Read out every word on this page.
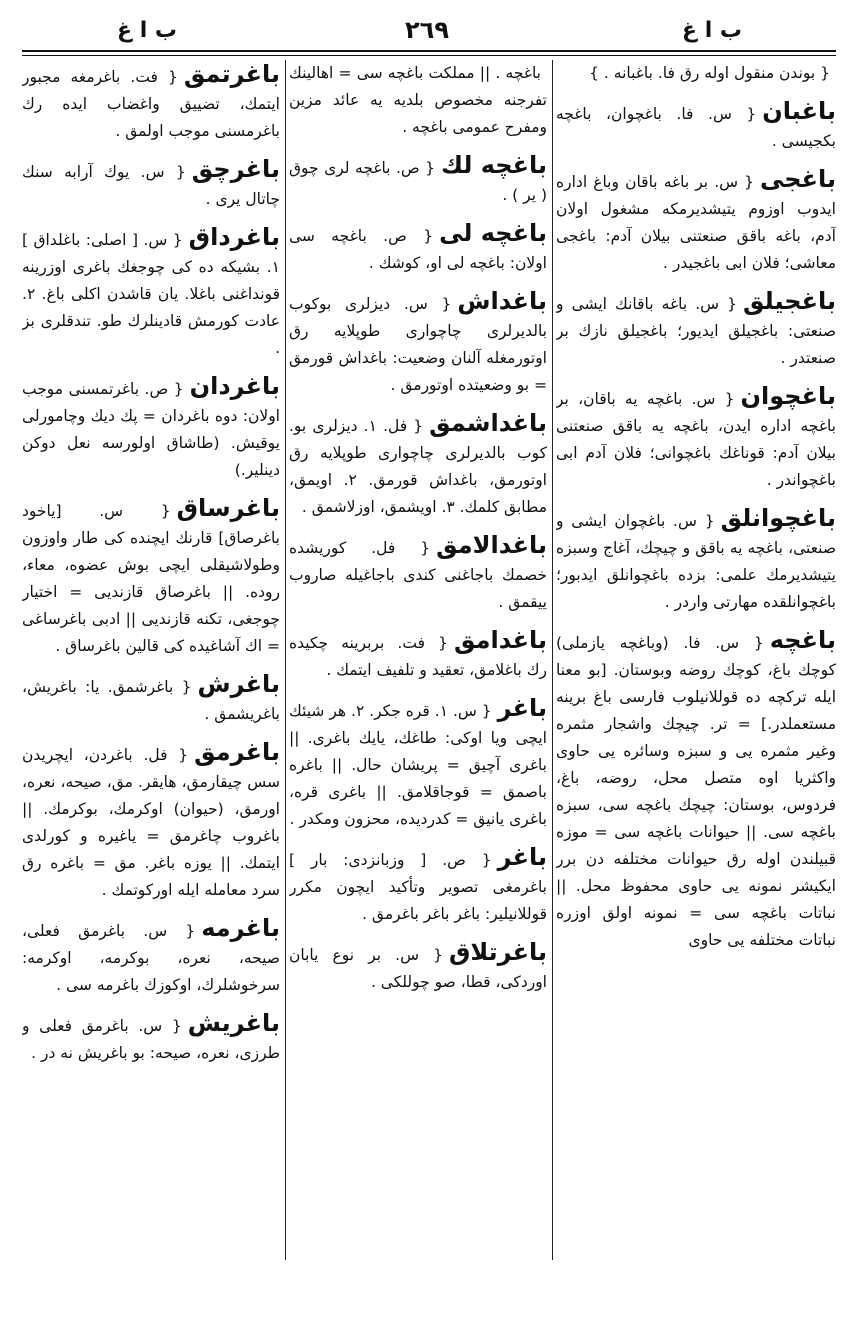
ب ا غ
٢٦٩
ب ا غ
{ بوندن منقول اوله رق فا. باغبانه . }
باغبان{ س. فا. باغچوان، باغچه بكجيسى .
باغجى{ س. بر باغه باقان وباغ اداره ايدوب اوزوم يتيشديرمكه مشغول اولان آدم، باغه باقق صنعتنى بيلان آدم: باغجى معاشى؛ فلان ابى باغجيدر .
باغجيلق{ س. باغه باقانك ايشى و صنعتى: باغجيلق ايديور؛ باغجيلق نازك بر صنعتدر .
باغچوان{ س. باغچه يه باقان، بر باغچه اداره ايدن، باغچه يه باقق صنعتنى بيلان آدم: قوناغك باغچوانى؛ فلان آدم ابى باغچواندر .
باغچوانلق{ س. باغچوان ايشى و صنعتى، باغچه يه باقق و چيچك، آغاج وسبزه يتيشديرمك علمى: بزده باغچوانلق ايدبور؛ باغچوانلقده مهارتى واردر .
باغچه{ س. فا. (وباغچه يازملى) كوچك باغ، كوچك روضه وبوستان. [بو معنا ايله تركچه ده قوللانيلوب فارسى باغ برينه مستعملدر.] = تر. چيچك واشجار مثمره وغير مثمره يى و سبزه وسائره يى حاوى واكثريا اوه متصل محل، روضه، باغ، فردوس، بوستان: چيچك باغچه سى، سبزه باغچه سى. || حيوانات باغچه سى = موزه قبيلندن اوله رق حيوانات مختلفه دن برر ايكيشر نمونه يى حاوى محفوظ محل. || نباتات باغچه سى = نمونه اولق اوزره نباتات مختلفه يى حاوى
باغچه . || مملكت باغچه سى = اهالينك تفرجنه مخصوص بلديه يه عائد مزين ومفرح عمومى باغچه .
باغچه لك{ ص. باغچه لرى چوق ( ير ) .
باغچه لى{ ص. باغچه سى اولان: باغچه لى او، كوشك .
باغداش{ س. ديزلرى بوكوب بالديرلرى چاچوارى طوپلايه رق اوتورمغله آلنان وضعيت: باغداش قورمق = بو وضعيتده اوتورمق .
باغداشمق{ فل. ١. ديزلرى بو. كوب بالديرلرى چاچوارى طوپلايه رق اوتورمق، باغداش قورمق. ٢. اويمق، مطابق كلمك. ٣. اويشمق، اوزلاشمق .
باغدالامق{ فل. كوريشده خصمك باجاغنى كندى باجاغيله صاروب ييقمق .
باغدامق{ فت. بربرينه چكيده رك باغلامق، تعقيد و تلفيف ايتمك .
باغر{ س. ١. قره جكر. ٢. هر شيئك ايچى ويا اوكى: طاغك، يايك باغرى. || باغرى آچيق = پريشان حال. || باغره باصمق = قوجاقلامق. || باغرى قره، باغرى يانيق = كدرديده، محزون ومكدر .
باغر{ ص. [ وزبانزدى: بار ] باغرمغى تصوير وتأكيد ايچون مكرر قوللانيلير: باغر باغر باغرمق .
باغرتلاق{ س. بر نوع يابان اوردكى، قطا، صو چوللكى .
باغرتمق{ فت. باغرمغه مجبور ايتمك، تضييق واغضاب ايده رك باغرمسنى موجب اولمق .
باغرچق{ س. يوك آرابه سنك چاتال يرى .
باغرداق{ س. [ اصلى: باغلداق ] ١. بشيكه ده كى چوجغك باغرى اوزرينه قونداغنى باغلا. يان قاشدن اكلى باغ. ٢. عادت كورمش قادينلرك طو. تندقلرى بز .
باغردان{ ص. باغرتمسنى موجب اولان: دوه باغردان = پك ديك وچامورلى يوقيش. (طاشاق اولورسه نعل دوكن دينلير.)
باغرساق{ س. [ياخود باغرصاق] قارنك ايچنده كى طار واوزون وطولاشيقلى ايچى بوش عضوه، معاء، روده. || باغرصاق قازنديى = اختيار چوجغى، تكنه قازنديى || ادبى باغرساغى = اك آشاغيده كى قالين باغرساق .
باغرش{ باغرشمق. يا: باغريش، باغريشمق .
باغرمق{ فل. باغردن، ايچريدن سس چيقارمق، هايقر. مق، صيحه، نعره، اورمق، (حيوان) اوكرمك، بوكرمك. || باغروب چاغرمق = ياغيره و كورلدى ايتمك. || يوزه باغر. مق = باغره رق سرد معامله ايله اوركوتمك .
باغرمه{ س. باغرمق فعلى، صيحه، نعره، بوكرمه، اوكرمه: سرخوشلرك، اوكوزك باغرمه سى .
باغريش{ س. باغرمق فعلى و طرزى، نعره، صيحه: بو باغريش نه در .
